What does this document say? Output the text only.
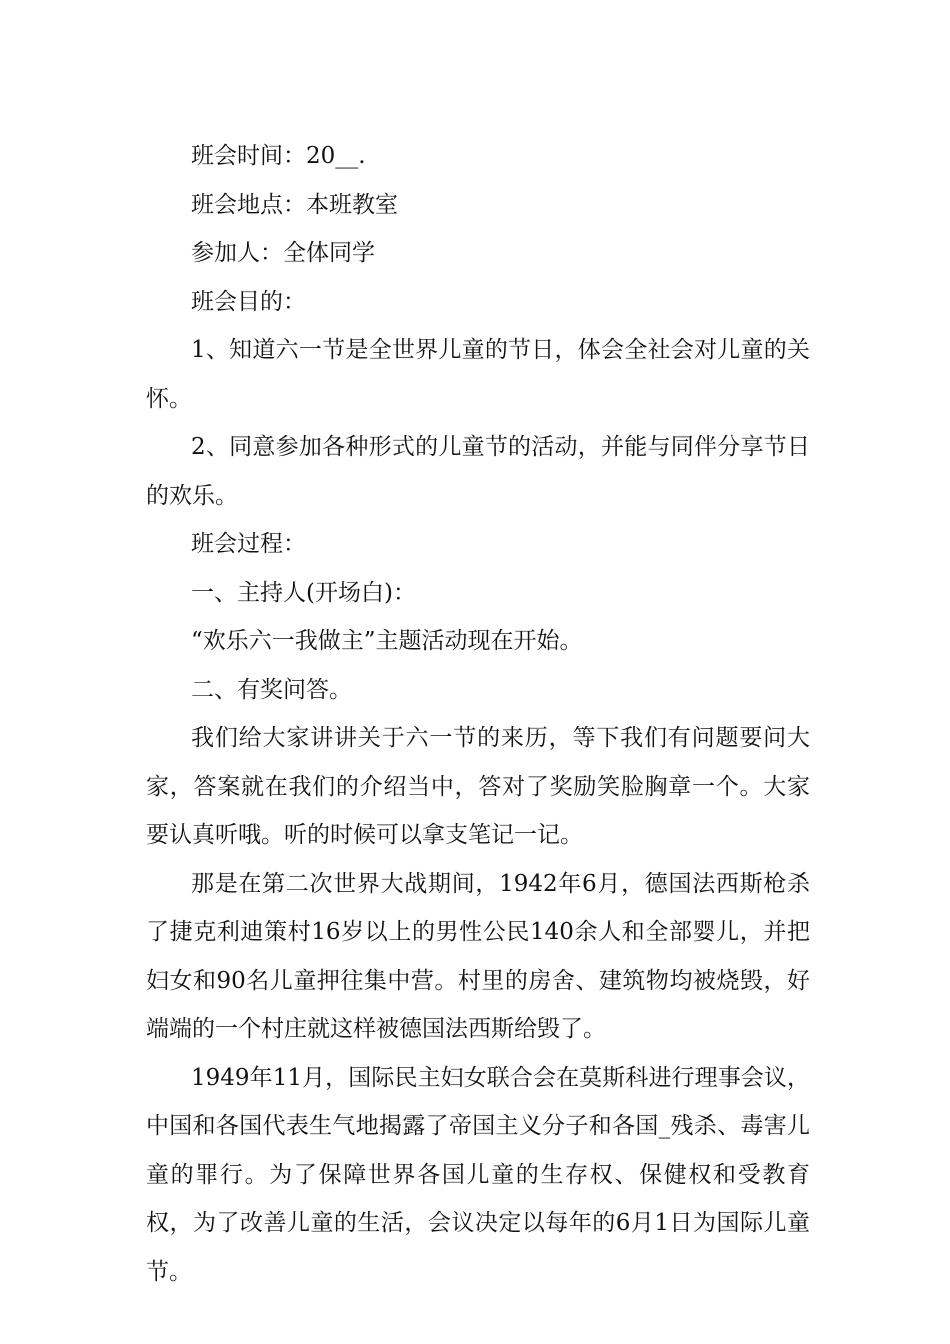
班会时间：20__.

班会地点：本班教室

参加人：全体同学

班会目的：

1、知道六一节是全世界儿童的节日，体会全社会对儿童的关怀。

2、同意参加各种形式的儿童节的活动，并能与同伴分享节日的欢乐。

班会过程：

一、主持人(开场白)：

“欢乐六一我做主”主题活动现在开始。

二、有奖问答。

我们给大家讲讲关于六一节的来历，等下我们有问题要问大家，答案就在我们的介绍当中，答对了奖励笑脸胸章一个。大家要认真听哦。听的时候可以拿支笔记一记。

那是在第二次世界大战期间，1942年6月，德国法西斯枪杀了捷克利迪策村16岁以上的男性公民140余人和全部婴儿，并把妇女和90名儿童押往集中营。村里的房舍、建筑物均被烧毁，好端端的一个村庄就这样被德国法西斯给毁了。

1949年11月，国际民主妇女联合会在莫斯科进行理事会议，中国和各国代表生气地揭露了帝国主义分子和各国_残杀、毒害儿童的罪行。为了保障世界各国儿童的生存权、保健权和受教育权，为了改善儿童的生活，会议决定以每年的6月1日为国际儿童节。
